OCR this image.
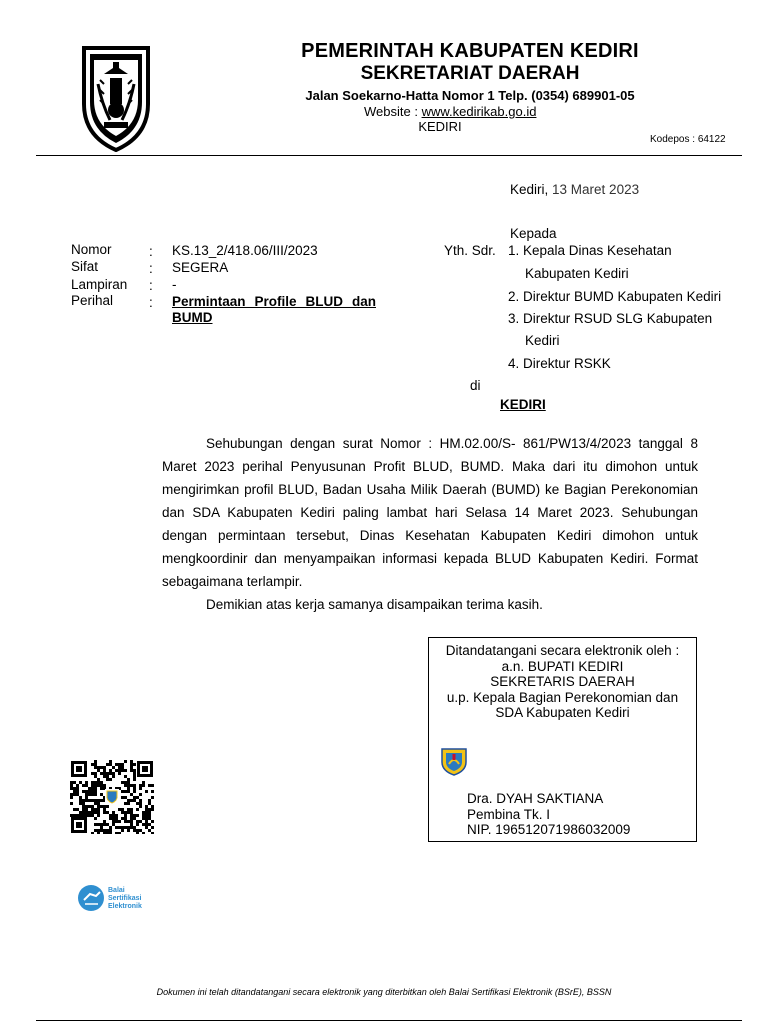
PEMERINTAH KABUPATEN KEDIRI
SEKRETARIAT DAERAH
Jalan Soekarno-Hatta Nomor 1 Telp. (0354) 689901-05
Website : www.kedirikab.go.id
KEDIRI
Kodepos : 64122
Kediri, 13 Maret 2023
Kepada
Yth. Sdr. 1. Kepala Dinas Kesehatan
Kabupaten Kediri
2. Direktur BUMD Kabupaten Kediri
3. Direktur RSUD SLG Kabupaten
Kediri
4. Direktur RSKK
di
KEDIRI
Nomor	: KS.13_2/418.06/III/2023
Sifat	: SEGERA
Lampiran : -
Perihal	: Permintaan Profile BLUD dan BUMD

Sehubungan dengan surat Nomor : HM.02.00/S- 861/PW13/4/2023 tanggal 8 Maret 2023 perihal Penyusunan Profit BLUD, BUMD. Maka dari itu dimohon untuk mengirimkan profil BLUD, Badan Usaha Milik Daerah (BUMD) ke Bagian Perekonomian dan SDA Kabupaten Kediri paling lambat hari Selasa 14 Maret 2023. Sehubungan dengan permintaan tersebut, Dinas Kesehatan Kabupaten Kediri dimohon untuk mengkoordinir dan menyampaikan informasi kepada BLUD Kabupaten Kediri. Format sebagaimana terlampir.

Demikian atas kerja samanya disampaikan terima kasih.

Ditandatangani secara elektronik oleh :
a.n. BUPATI KEDIRI
SEKRETARIS DAERAH
u.p. Kepala Bagian Perekonomian dan
SDA Kabupaten Kediri
Dra. DYAH SAKTIANA
Pembina Tk. I
NIP. 196512071986032009
Balai
Sertifikasi
Elektronik
Dokumen ini telah ditandatangani secara elektronik yang diterbitkan oleh Balai Sertifikasi Elektronik (BSrE), BSSN
